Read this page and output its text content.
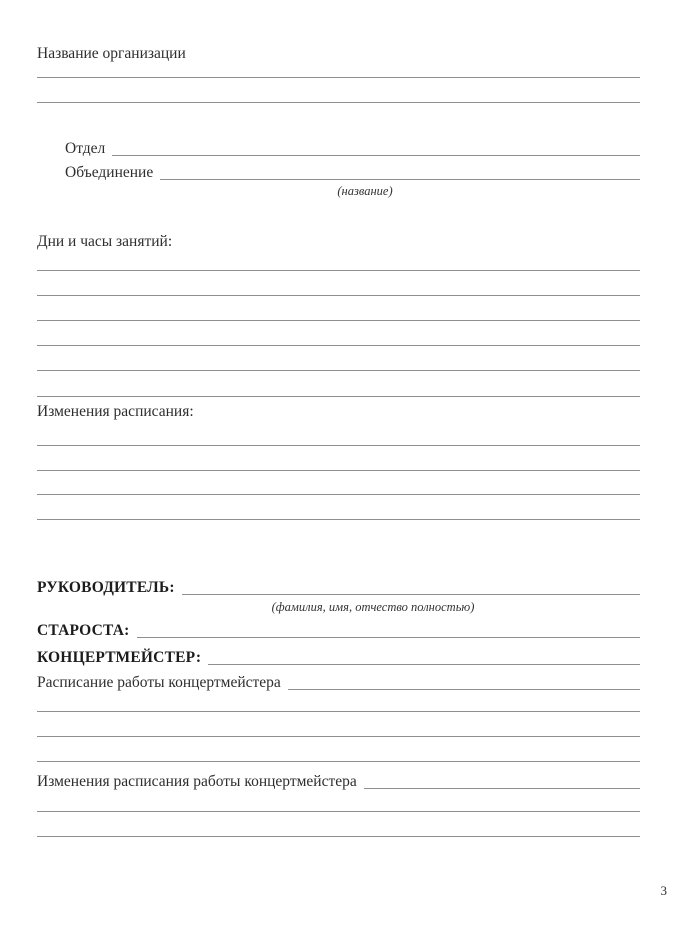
Название организации
Отдел
Объединение
(название)
Дни и часы занятий:
Изменения расписания:
РУКОВОДИТЕЛЬ:
(фамилия, имя, отчество полностью)
СТАРОСТА:
КОНЦЕРТМЕЙСТЕР:
Расписание работы концертмейстера
Изменения расписания работы концертмейстера
3
